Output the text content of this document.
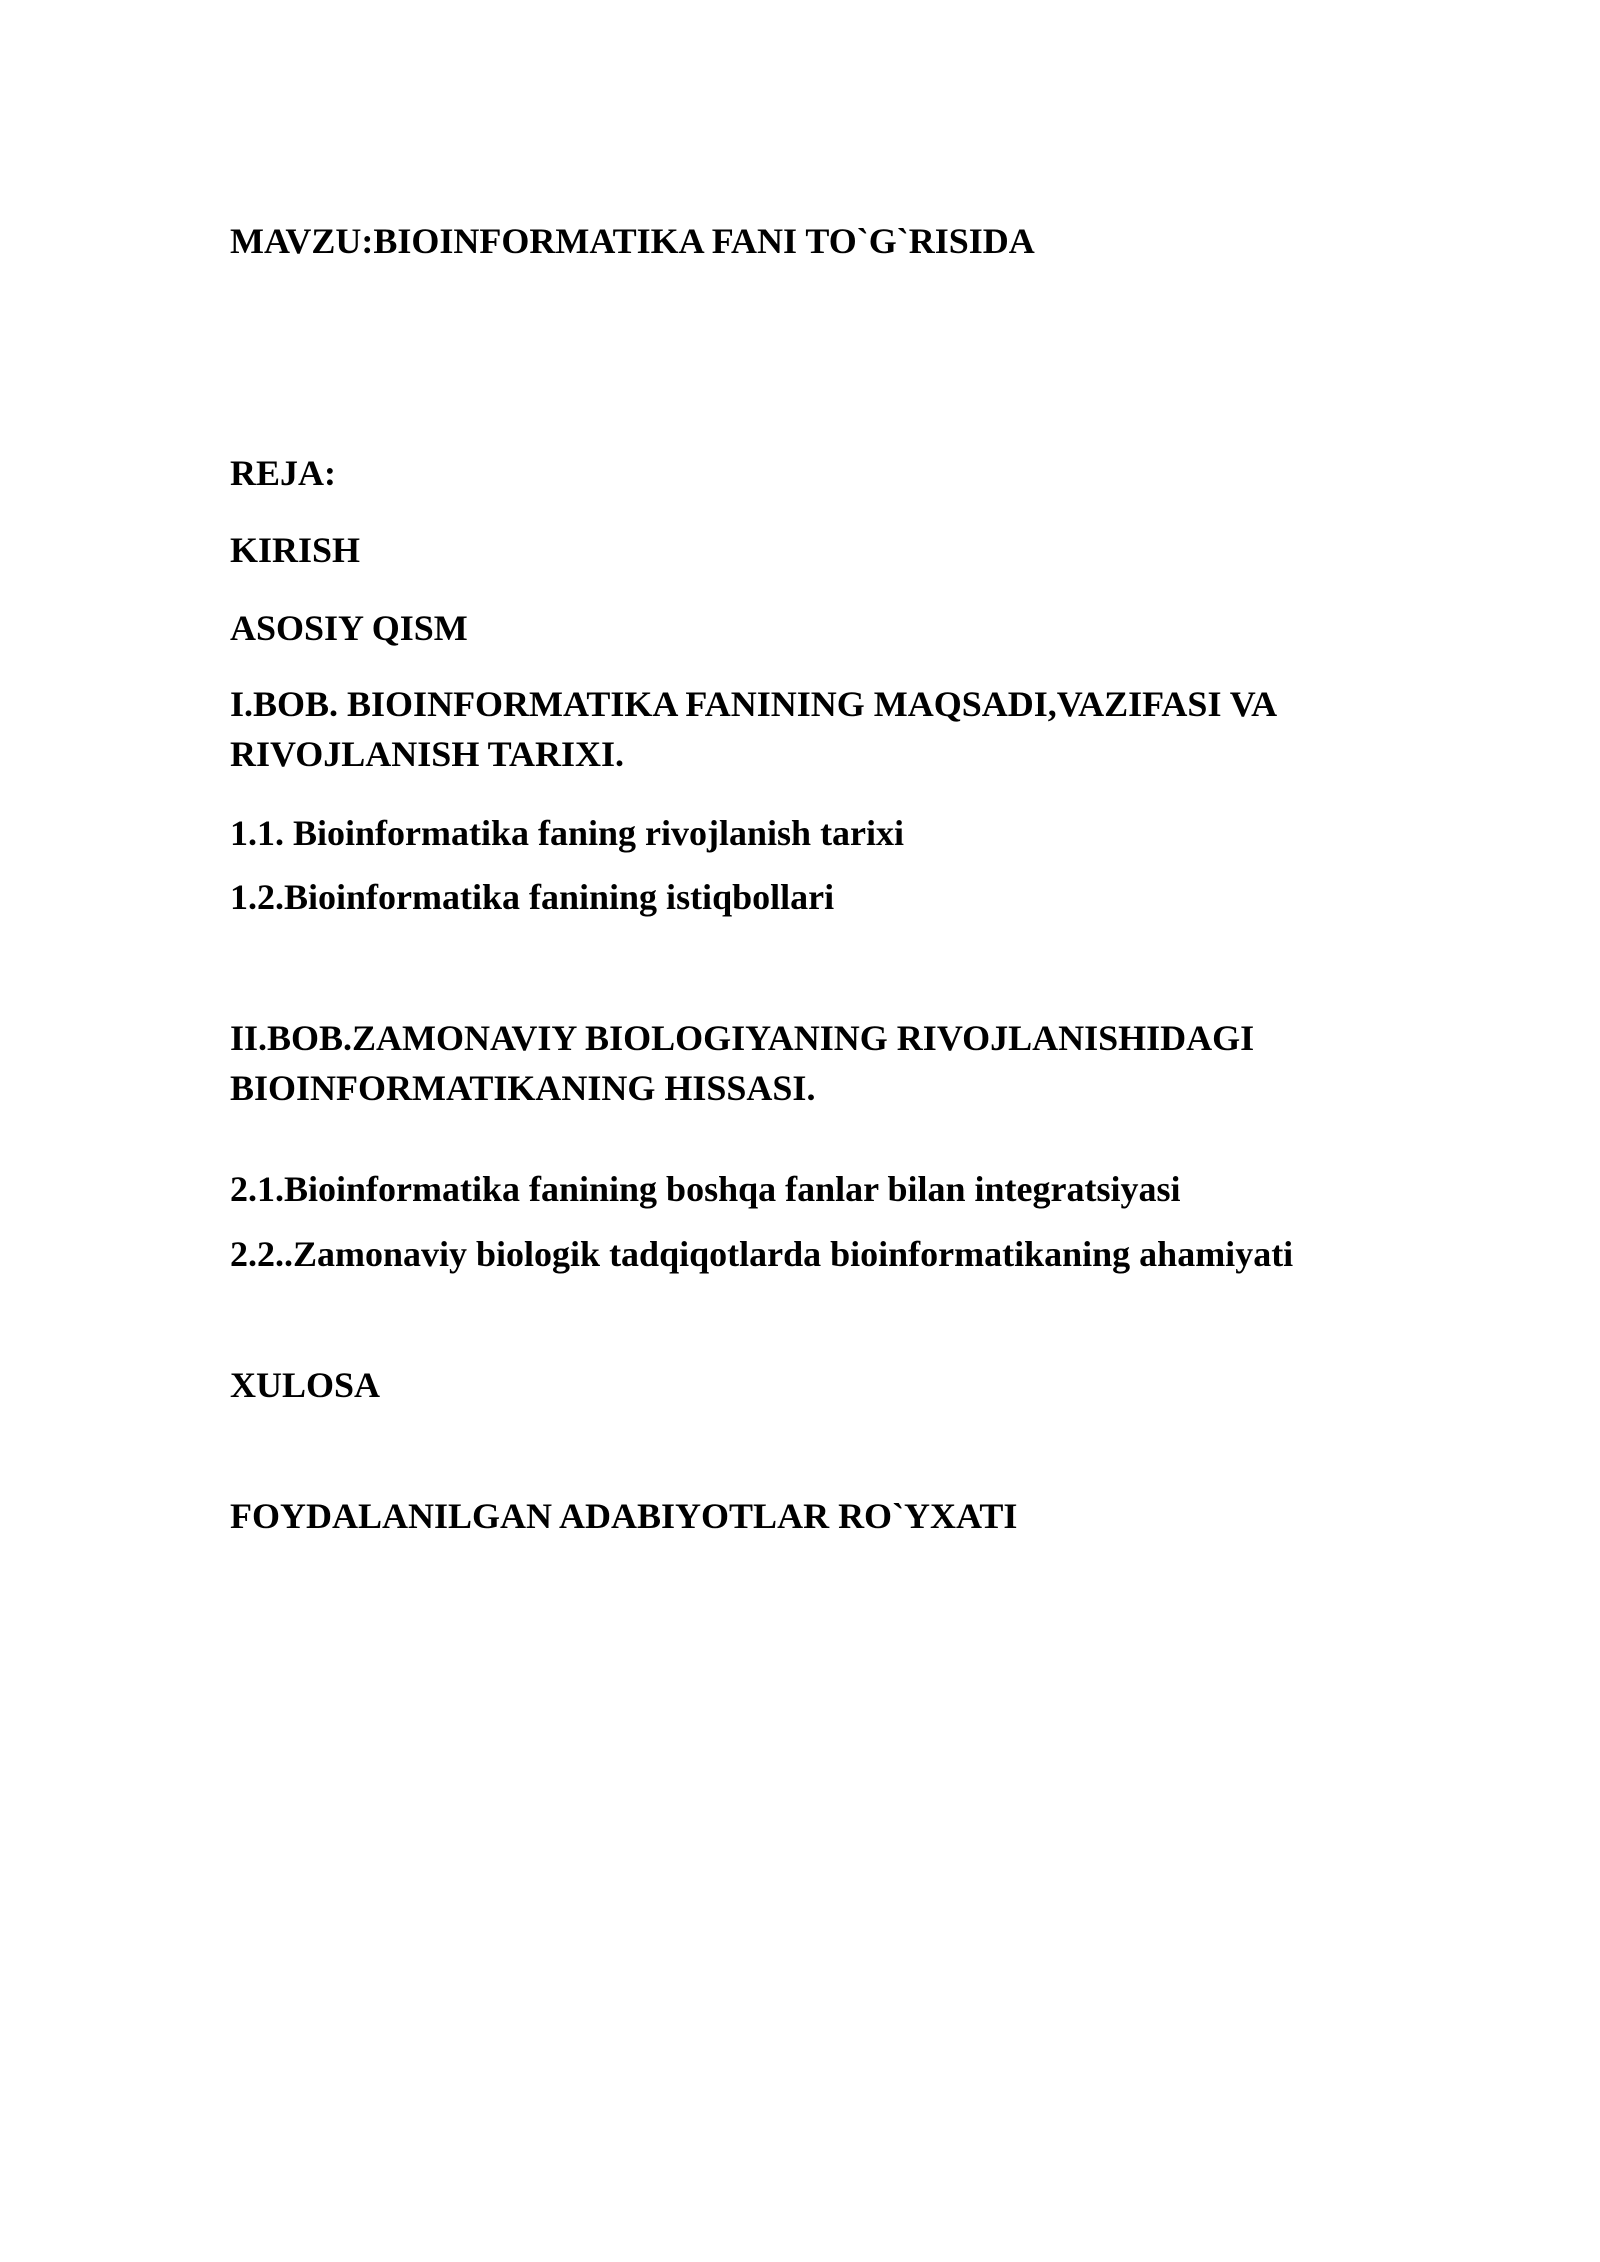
MAVZU:BIOINFORMATIKA FANI TO`G`RISIDA

REJA:

KIRISH

ASOSIY QISM

I.BOB. BIOINFORMATIKA FANINING MAQSADI,VAZIFASI VA RIVOJLANISH TARIXI.

1.1. Bioinformatika faning rivojlanish tarixi

1.2.Bioinformatika fanining istiqbollari

II.BOB.ZAMONAVIY BIOLOGIYANING RIVOJLANISHIDAGI BIOINFORMATIKANING HISSASI.

2.1.Bioinformatika fanining boshqa fanlar bilan integratsiyasi

2.2..Zamonaviy biologik tadqiqotlarda bioinformatikaning ahamiyati

XULOSA

FOYDALANILGAN ADABIYOTLAR RO`YXATI
